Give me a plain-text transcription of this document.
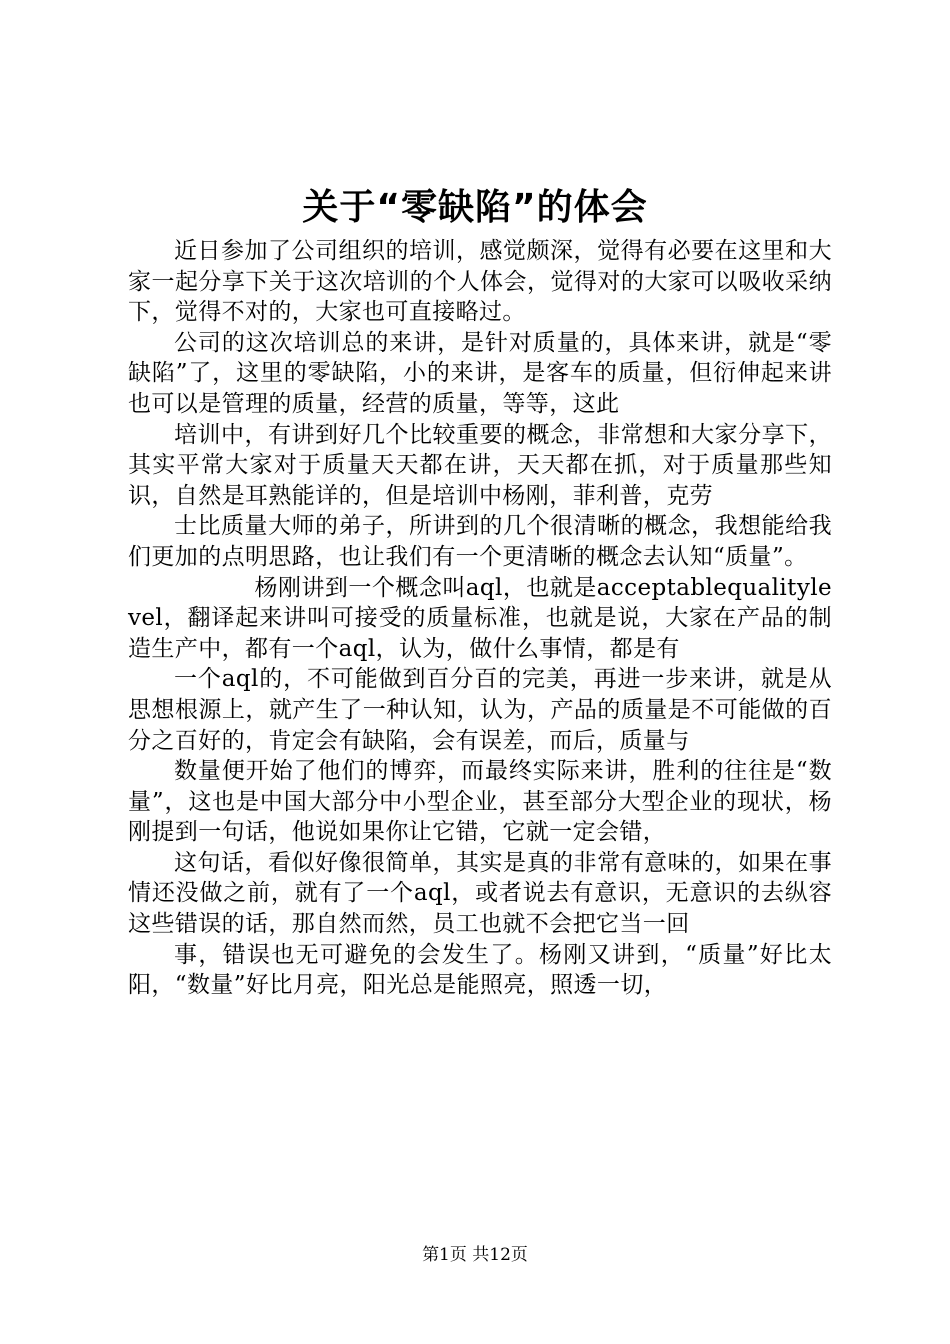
关于“零缺陷”的体会

近日参加了公司组织的培训，感觉颇深，觉得有必要在这里和大家一起分享下关于这次培训的个人体会，觉得对的大家可以吸收采纳下，觉得不对的，大家也可直接略过。

公司的这次培训总的来讲，是针对质量的，具体来讲，就是“零缺陷”了，这里的零缺陷，小的来讲，是客车的质量，但衍伸起来讲也可以是管理的质量，经营的质量，等等，这此

培训中，有讲到好几个比较重要的概念，非常想和大家分享下，其实平常大家对于质量天天都在讲，天天都在抓，对于质量那些知识，自然是耳熟能详的，但是培训中杨刚，菲利普，克劳

士比质量大师的弟子，所讲到的几个很清晰的概念，我想能给我们更加的点明思路，也让我们有一个更清晰的概念去认知“质量”。

杨刚讲到一个概念叫aql，也就是acceptablequalitylevel，翻译起来讲叫可接受的质量标准，也就是说，大家在产品的制造生产中，都有一个aql，认为，做什么事情，都是有

一个aql的，不可能做到百分百的完美，再进一步来讲，就是从思想根源上，就产生了一种认知，认为，产品的质量是不可能做的百分之百好的，肯定会有缺陷，会有误差，而后，质量与

数量便开始了他们的博弈，而最终实际来讲，胜利的往往是“数量”，这也是中国大部分中小型企业，甚至部分大型企业的现状，杨刚提到一句话，他说如果你让它错，它就一定会错，

这句话，看似好像很简单，其实是真的非常有意味的，如果在事情还没做之前，就有了一个aql，或者说去有意识，无意识的去纵容这些错误的话，那自然而然，员工也就不会把它当一回

事，错误也无可避免的会发生了。杨刚又讲到，“质量”好比太阳，“数量”好比月亮，阳光总是能照亮，照透一切，

第1页 共12页
